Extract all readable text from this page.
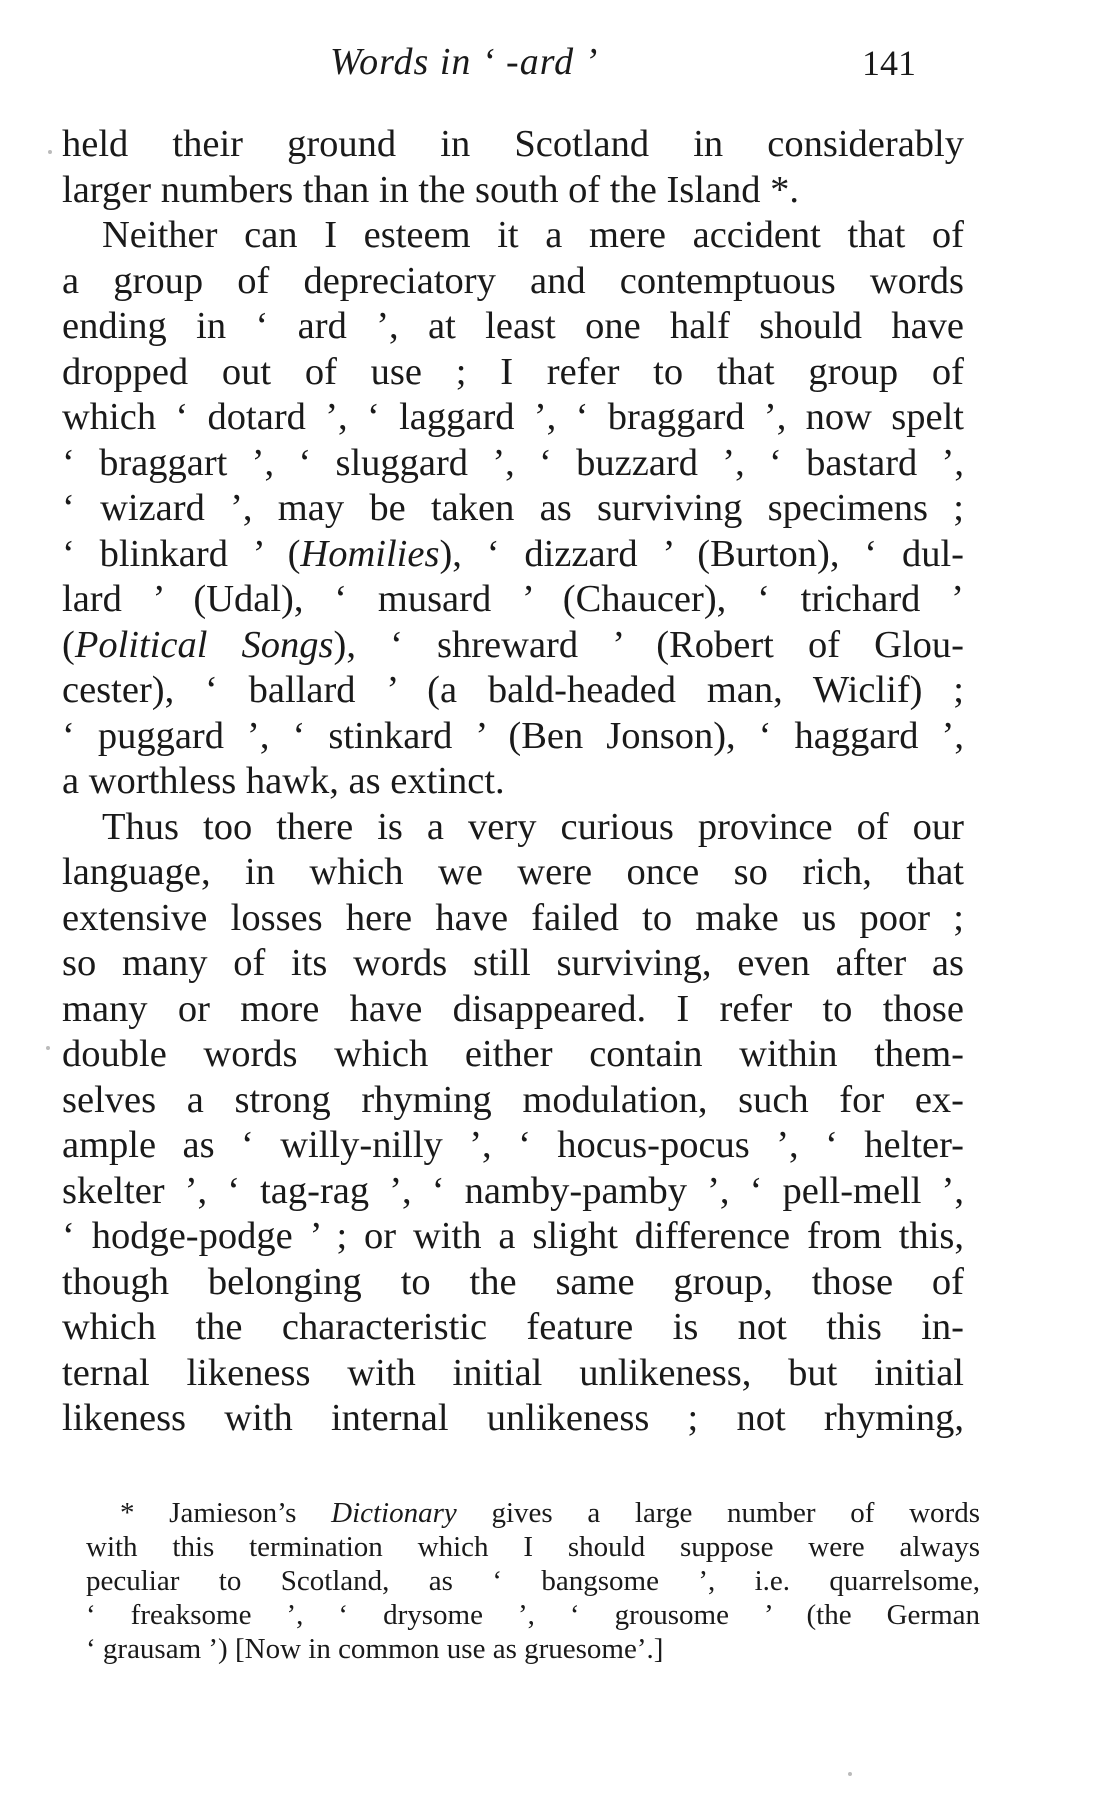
Words in ‘ -ard ’	141
held their ground in Scotland in considerably
larger numbers than in the south of the Island *.
Neither can I esteem it a mere accident that of
a group of depreciatory and contemptuous words
ending in ‘ ard ’, at least one half should have
dropped out of use ; I refer to that group of
which ‘ dotard ’, ‘ laggard ’, ‘ braggard ’, now spelt
‘ braggart ’, ‘ sluggard ’, ‘ buzzard ’, ‘ bastard ’,
‘ wizard ’, may be taken as surviving specimens ;
‘ blinkard ’ (Homilies), ‘ dizzard ’ (Burton), ‘ dul-
lard ’ (Udal), ‘ musard ’ (Chaucer), ‘ trichard ’
(Political Songs), ‘ shreward ’ (Robert of Glou-
cester), ‘ ballard ’ (a bald-headed man, Wiclif) ;
‘ puggard ’, ‘ stinkard ’ (Ben Jonson), ‘ haggard ’,
a worthless hawk, as extinct.
Thus too there is a very curious province of our
language, in which we were once so rich, that
extensive losses here have failed to make us poor ;
so many of its words still surviving, even after as
many or more have disappeared. I refer to those
double words which either contain within them-
selves a strong rhyming modulation, such for ex-
ample as ‘ willy-nilly ’, ‘ hocus-pocus ’, ‘ helter-
skelter ’, ‘ tag-rag ’, ‘ namby-pamby ’, ‘ pell-mell ’,
‘ hodge-podge ’ ; or with a slight difference from this,
though belonging to the same group, those of
which the characteristic feature is not this in-
ternal likeness with initial unlikeness, but initial
likeness with internal unlikeness ; not rhyming,
* Jamieson’s Dictionary gives a large number of words
with this termination which I should suppose were always
peculiar to Scotland, as ‘ bangsome ’, i.e. quarrelsome,
‘ freaksome ’, ‘ drysome ’, ‘ grousome ’ (the German
‘ grausam ’) [Now in common use as gruesome’.]
